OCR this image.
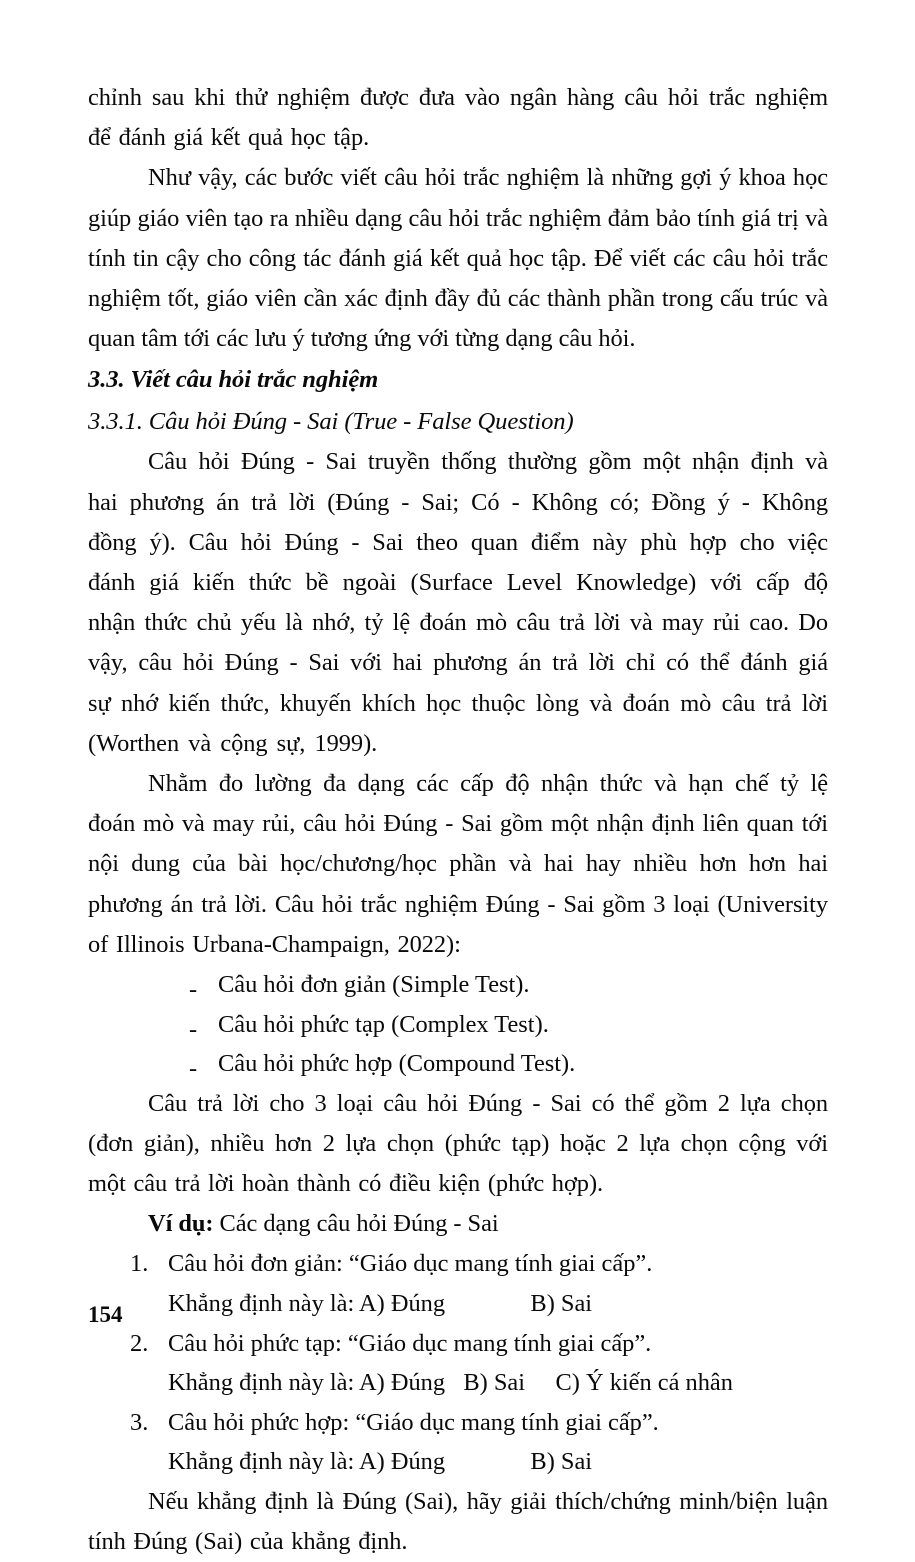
chỉnh sau khi thử nghiệm được đưa vào ngân hàng câu hỏi trắc nghiệm để đánh giá kết quả học tập.

Như vậy, các bước viết câu hỏi trắc nghiệm là những gợi ý khoa học giúp giáo viên tạo ra nhiều dạng câu hỏi trắc nghiệm đảm bảo tính giá trị và tính tin cậy cho công tác đánh giá kết quả học tập. Để viết các câu hỏi trắc nghiệm tốt, giáo viên cần xác định đầy đủ các thành phần trong cấu trúc và quan tâm tới các lưu ý tương ứng với từng dạng câu hỏi.

3.3. Viết câu hỏi trắc nghiệm
3.3.1. Câu hỏi Đúng - Sai (True - False Question)

Câu hỏi Đúng - Sai truyền thống thường gồm một nhận định và hai phương án trả lời (Đúng - Sai; Có - Không có; Đồng ý - Không đồng ý). Câu hỏi Đúng - Sai theo quan điểm này phù hợp cho việc đánh giá kiến thức bề ngoài (Surface Level Knowledge) với cấp độ nhận thức chủ yếu là nhớ, tỷ lệ đoán mò câu trả lời và may rủi cao. Do vậy, câu hỏi Đúng - Sai với hai phương án trả lời chỉ có thể đánh giá sự nhớ kiến thức, khuyến khích học thuộc lòng và đoán mò câu trả lời (Worthen và cộng sự, 1999).

Nhằm đo lường đa dạng các cấp độ nhận thức và hạn chế tỷ lệ đoán mò và may rủi, câu hỏi Đúng - Sai gồm một nhận định liên quan tới nội dung của bài học/chương/học phần và hai hay nhiều hơn hơn hai phương án trả lời. Câu hỏi trắc nghiệm Đúng - Sai gồm 3 loại (University of Illinois Urbana-Champaign, 2022):

- Câu hỏi đơn giản (Simple Test).
- Câu hỏi phức tạp (Complex Test).
- Câu hỏi phức hợp (Compound Test).

Câu trả lời cho 3 loại câu hỏi Đúng - Sai có thể gồm 2 lựa chọn (đơn giản), nhiều hơn 2 lựa chọn (phức tạp) hoặc 2 lựa chọn cộng với một câu trả lời hoàn thành có điều kiện (phức hợp).

Ví dụ: Các dạng câu hỏi Đúng - Sai

1. Câu hỏi đơn giản: “Giáo dục mang tính giai cấp”.
Khẳng định này là: A) Đúng              B) Sai
2. Câu hỏi phức tạp: “Giáo dục mang tính giai cấp”.
Khẳng định này là: A) Đúng   B) Sai     C) Ý kiến cá nhân
3. Câu hỏi phức hợp: “Giáo dục mang tính giai cấp”.
Khẳng định này là: A) Đúng              B) Sai

Nếu khẳng định là Đúng (Sai), hãy giải thích/chứng minh/biện luận tính Đúng (Sai) của khẳng định.

154
